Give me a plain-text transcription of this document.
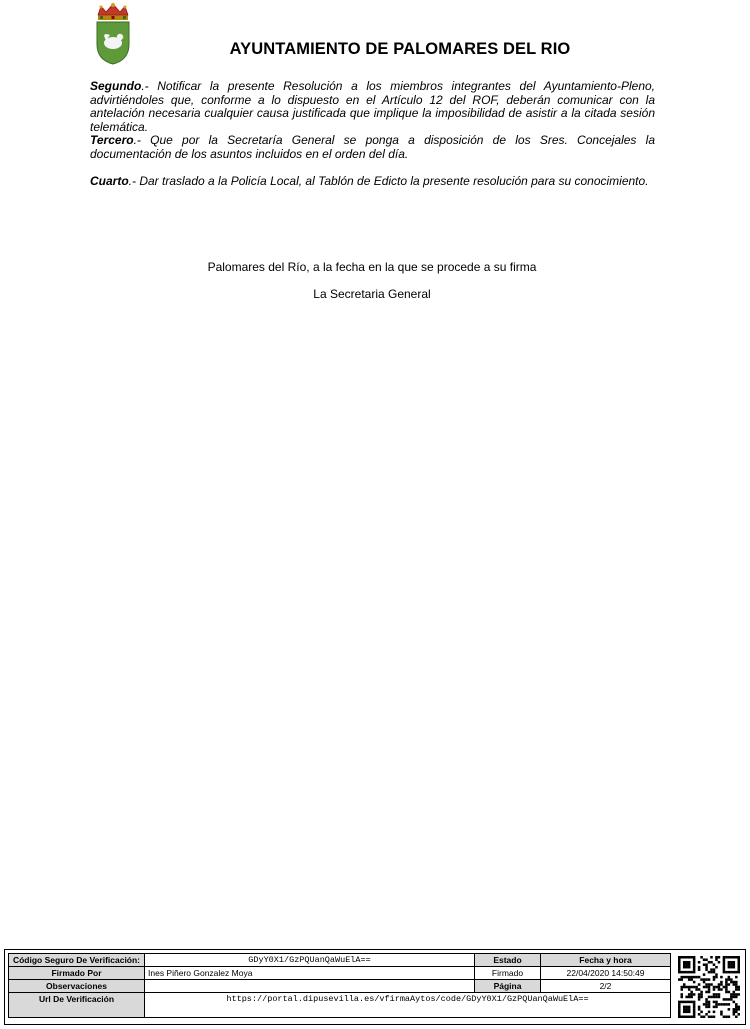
AYUNTAMIENTO DE PALOMARES DEL RIO
Segundo.- Notificar la presente Resolución a los miembros integrantes del Ayuntamiento-Pleno, advirtiéndoles que, conforme a lo dispuesto en el Artículo 12 del ROF, deberán comunicar con la antelación necesaria cualquier causa justificada que implique la imposibilidad de asistir a la citada sesión telemática.
Tercero.- Que por la Secretaría General se ponga a disposición de los Sres. Concejales la documentación de los asuntos incluidos en el orden del día.
Cuarto.- Dar traslado a la Policía Local, al Tablón de Edicto la presente resolución para su conocimiento.
Palomares del Río, a la fecha en la que se procede a su firma
La Secretaria General
Código Seguro De Verificación:	GDyY0X1/GzPQUanQaWuElA==	Estado	Fecha y hora
Firmado Por	Ines Piñero Gonzalez Moya	Firmado	22/04/2020 14:50:49
Observaciones		Página	2/2
Url De Verificación	https://portal.dipusevilla.es/vfirmaAytos/code/GDyY0X1/GzPQUanQaWuElA==		
